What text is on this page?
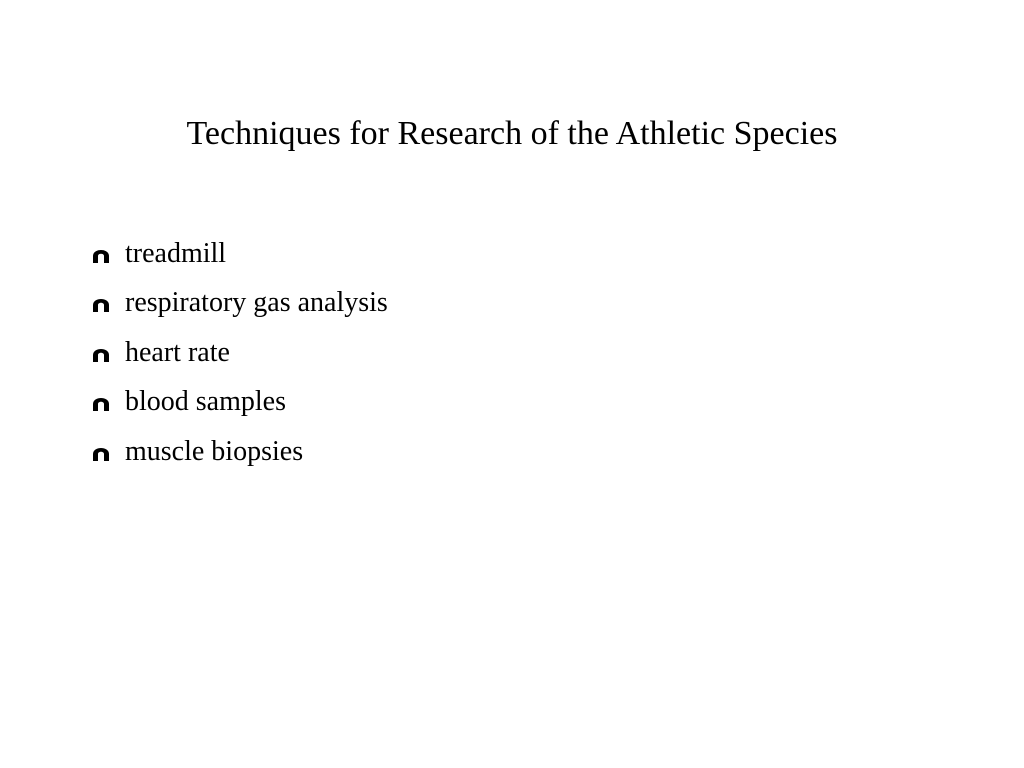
Techniques for Research of the Athletic Species
treadmill
respiratory gas analysis
heart rate
blood samples
muscle biopsies
